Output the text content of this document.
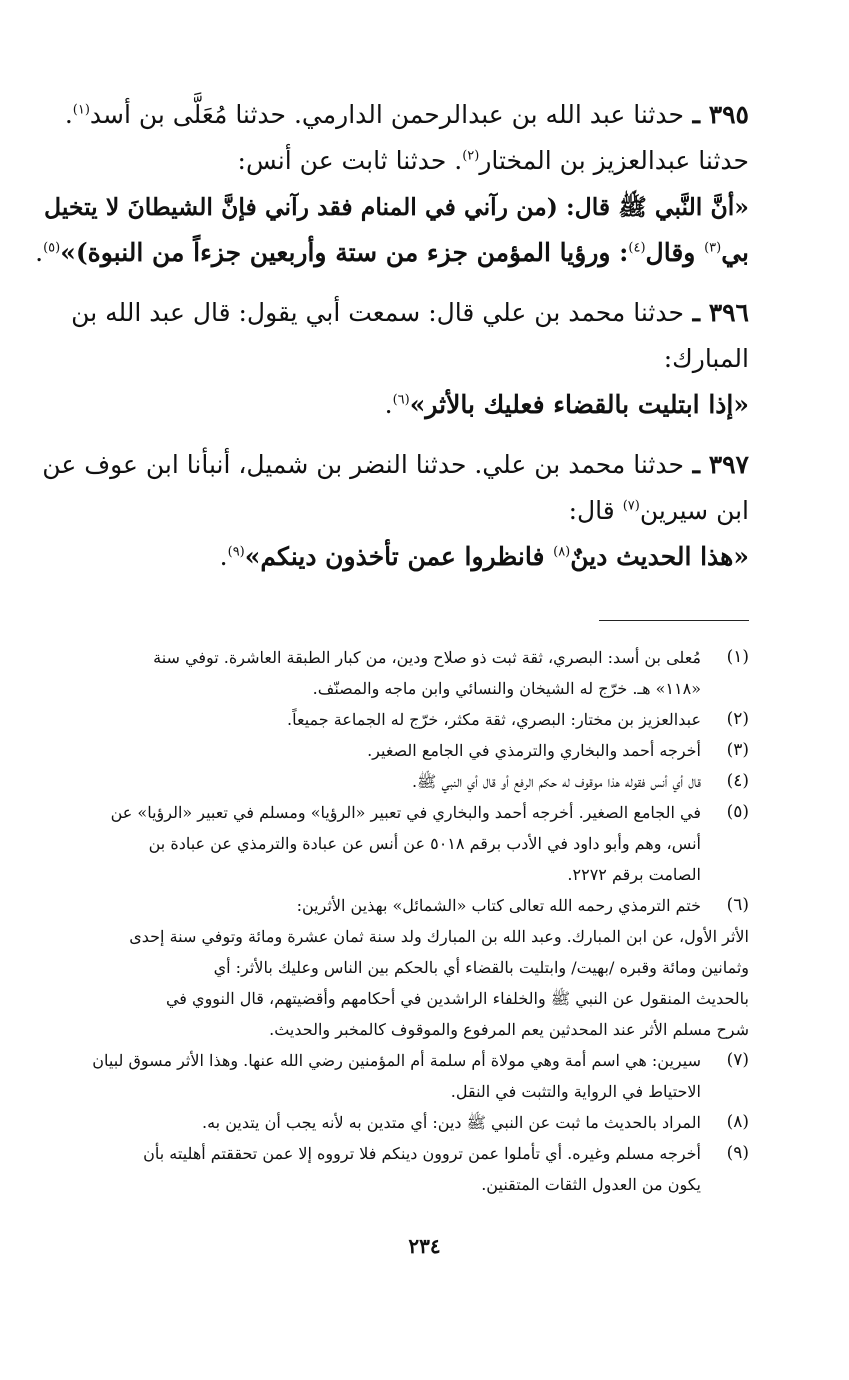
٣٩٥ ـ حدثنا عبد الله بن عبدالرحمن الدارمي. حدثنا مُعَلَّى بن أسد$^{(١)}$.
حدثنا عبدالعزيز بن المختار$^{(٢)}$. حدثنا ثابت عن أنس:
«أنَّ النَّبي ﷺ قال: (من رآني في المنام فقد رآني فإنَّ الشيطانَ لا يتخيل
بي$^{(٣)}$ وقال$^{(٤)}$: ورؤيا المؤمن جزء من ستة وأربعين جزءاً من النبوة)»$^{(٥)}$.
٣٩٦ ـ حدثنا محمد بن علي قال: سمعت أبي يقول: قال عبد الله بن
المبارك:
«إذا ابتليت بالقضاء فعليك بالأثر»$^{(٦)}$.
٣٩٧ ـ حدثنا محمد بن علي. حدثنا النضر بن شميل، أنبأنا ابن عوف عن
ابن سيرين$^{(٧)}$ قال:
«هذا الحديث دينٌ$^{(٨)}$ فانظروا عمن تأخذون دينكم»$^{(٩)}$.
(١)
مُعلى بن أسد: البصري، ثقة ثبت ذو صلاح ودين، من كبار الطبقة العاشرة. توفي سنة
«١١٨» هـ. خرّج له الشيخان والنسائي وابن ماجه والمصنّف.
(٢)
عبدالعزيز بن مختار: البصري، ثقة مكثر، خرّج له الجماعة جميعاً.
(٣)
أخرجه أحمد والبخاري والترمذي في الجامع الصغير.
(٤)
قال أي أنس فقوله هذا موقوف له حكم الرفع أو قال أي النبي ﷺ.
(٥)
في الجامع الصغير. أخرجه أحمد والبخاري في تعبير «الرؤيا» ومسلم في تعبير «الرؤيا» عن
أنس، وهم وأبو داود في الأدب برقم ٥٠١٨ عن أنس عن عبادة والترمذي عن عبادة بن
الصامت برقم ٢٢٧٢.
(٦)
ختم الترمذي رحمه الله تعالى كتاب «الشمائل» بهذين الأثرين:
الأثر الأول، عن ابن المبارك. وعبد الله بن المبارك ولد سنة ثمان عشرة ومائة وتوفي سنة إحدى
وثمانين ومائة وقبره /بهيت/ وابتليت بالقضاء أي بالحكم بين الناس وعليك بالأثر: أي
بالحديث المنقول عن النبي ﷺ والخلفاء الراشدين في أحكامهم وأقضيتهم، قال النووي في
شرح مسلم الأثر عند المحدثين يعم المرفوع والموقوف كالمخبر والحديث.
(٧)
سيرين: هي اسم أمة وهي مولاة أم سلمة أم المؤمنين رضي الله عنها. وهذا الأثر مسوق لبيان
الاحتياط في الرواية والتثبت في النقل.
(٨)
المراد بالحديث ما ثبت عن النبي ﷺ دين: أي متدين به لأنه يجب أن يتدين به.
(٩)
أخرجه مسلم وغيره. أي تأملوا عمن تروون دينكم فلا ترووه إلا عمن تحققتم أهليته بأن
يكون من العدول الثقات المتقنين.
٢٣٤
